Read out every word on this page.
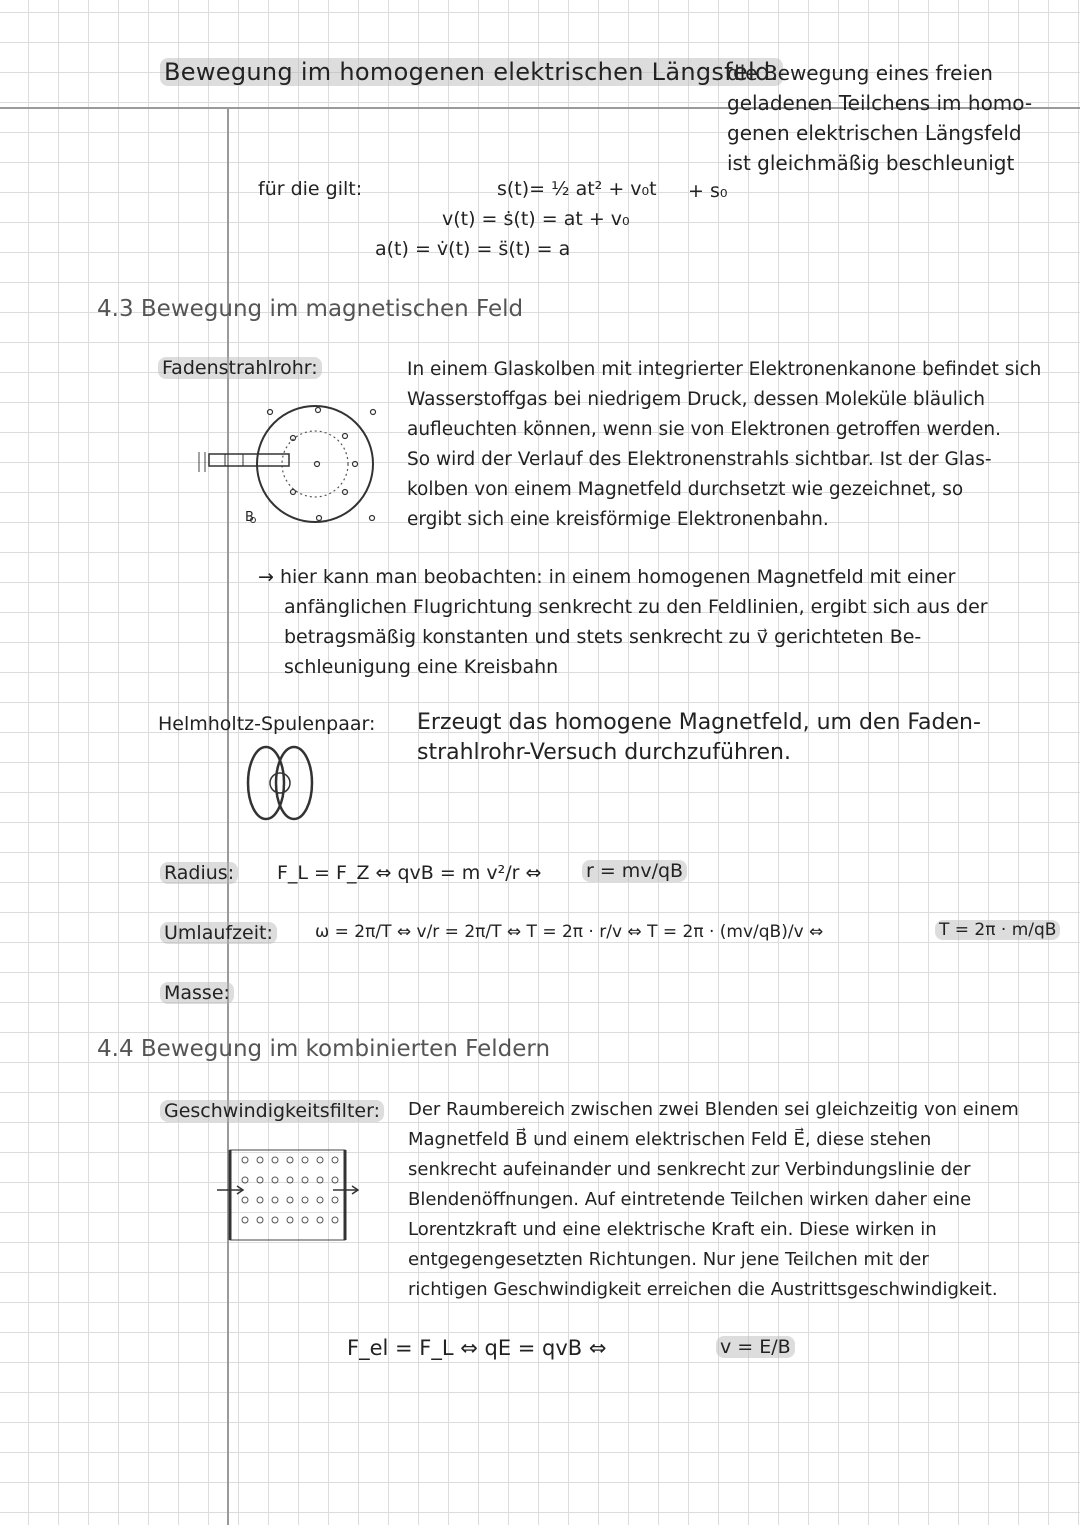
Bewegung im homogenen elektrischen Längsfeld:
die Bewegung eines freien
geladenen Teilchens im homo-
genen elektrischen Längsfeld
ist gleichmäßig beschleunigt
für die gilt:	s(t)= ½ at² + v₀t + s₀
v(t) = ṡ(t) = at + v₀
a(t) = v̇(t) = s̈(t) = a
4.3 Bewegung im magnetischen Feld
Fadenstrahlrohr:	In einem Glaskolben mit integrierter Elektronenkanone befindet sich
Wasserstoffgas bei niedrigem Druck, dessen Moleküle bläulich
aufleuchten können, wenn sie von Elektronen getroffen werden.
So wird der Verlauf des Elektronenstrahls sichtbar. Ist der Glas-
kolben von einem Magnetfeld durchsetzt wie gezeichnet, so
ergibt sich eine kreisförmige Elektronenbahn.
B
→ hier kann man beobachten: in einem homogenen Magnetfeld mit einer
anfänglichen Flugrichtung senkrecht zu den Feldlinien, ergibt sich aus der
betragsmäßig konstanten und stets senkrecht zu v⃗ gerichteten Be-
schleunigung eine Kreisbahn
Helmholtz-Spulenpaar: Erzeugt das homogene Magnetfeld, um den Faden-
strahlrohr-Versuch durchzuführen.
Radius: F_L = F_Z ⇔ qvB = m v²/r ⇔ r = mv/qB
Umlaufzeit: ω = 2π/T ⇔ v/r = 2π/T ⇔ T = 2π · r/v ⇔ T = 2π · (mv/qB)/v ⇔	T = 2π · m/qB
Masse:
4.4 Bewegung im kombinierten Feldern
Geschwindigkeitsfilter: Der Raumbereich zwischen zwei Blenden sei gleichzeitig von einem
Magnetfeld B⃗ und einem elektrischen Feld E⃗, diese stehen
senkrecht aufeinander und senkrecht zur Verbindungslinie der
Blendenöffnungen. Auf eintretende Teilchen wirken daher eine
Lorentzkraft und eine elektrische Kraft ein. Diese wirken in
entgegengesetzten Richtungen. Nur jene Teilchen mit der
richtigen Geschwindigkeit erreichen die Austrittsgeschwindigkeit.
F_el = F_L ⇔ qE = qvB ⇔	v = E/B
